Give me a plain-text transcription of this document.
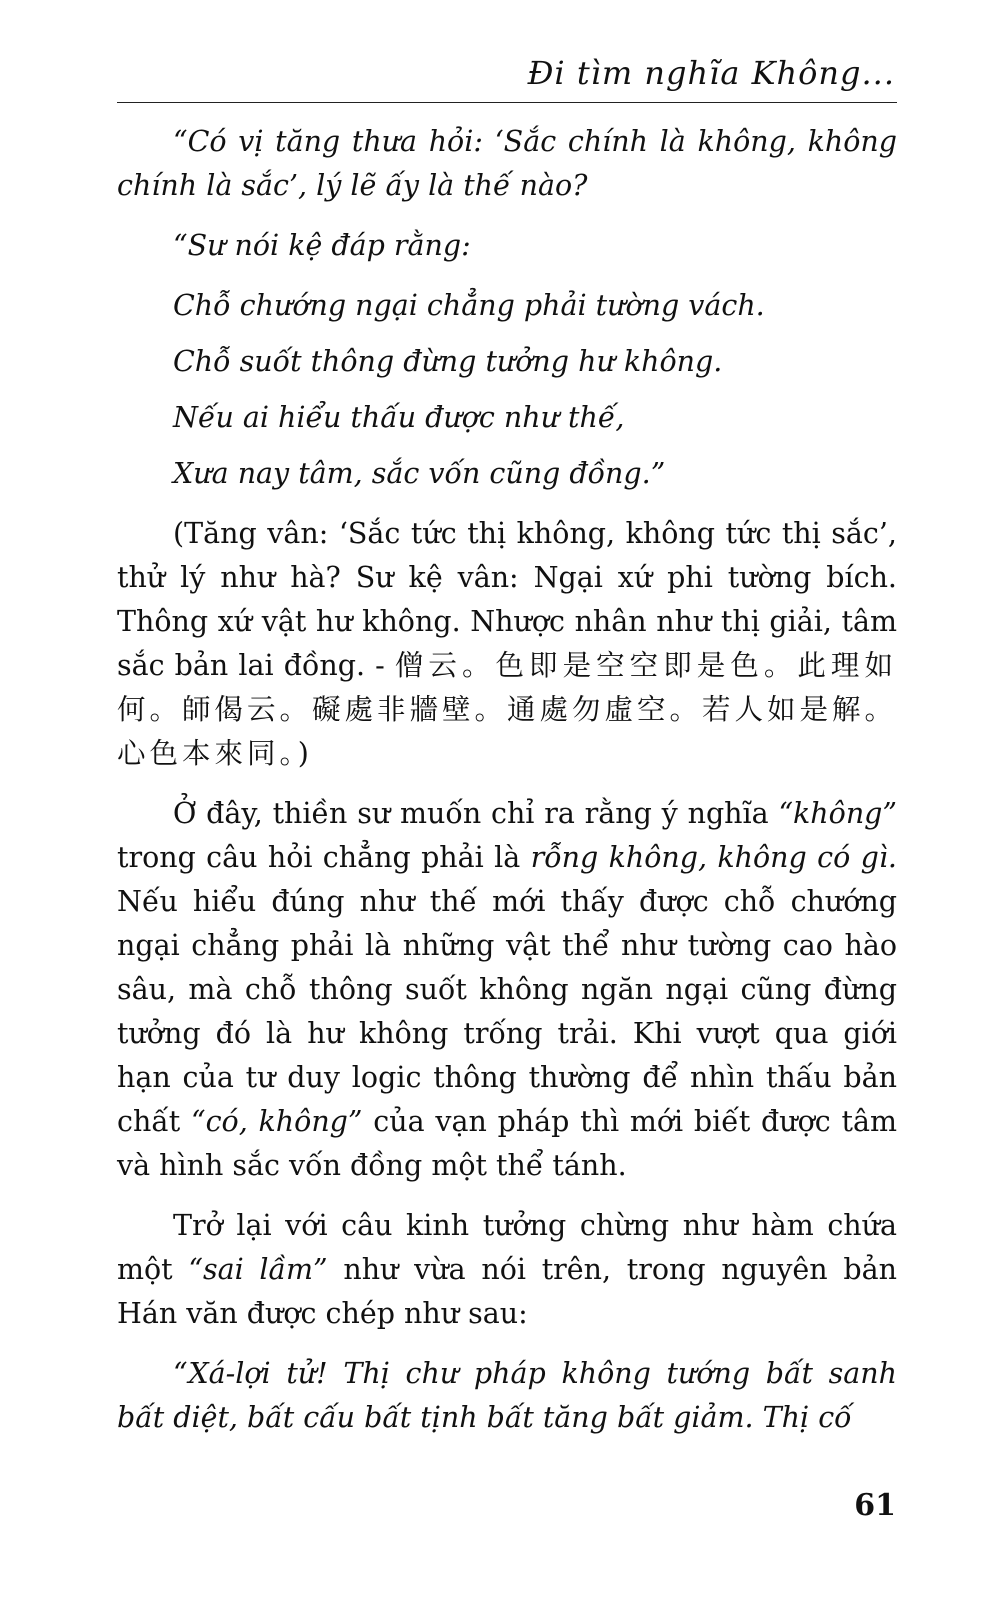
Đi tìm nghĩa Không...

“Có vị tăng thưa hỏi: ‘Sắc chính là không, không chính là sắc’, lý lẽ ấy là thế nào?

“Sư nói kệ đáp rằng:

Chỗ chướng ngại chẳng phải tường vách.

Chỗ suốt thông đừng tưởng hư không.

Nếu ai hiểu thấu được như thế,

Xưa nay tâm, sắc vốn cũng đồng.”

(Tăng vân: ‘Sắc tức thị không, không tức thị sắc’, thử lý như hà? Sư kệ vân: Ngại xứ phi tường bích. Thông xứ vật hư không. Nhược nhân như thị giải, tâm sắc bản lai đồng. - 僧云。色即是空空即是色。此理如何。師偈云。礙處非牆壁。通處勿虛空。若人如是解。心色本來同。)

Ở đây, thiền sư muốn chỉ ra rằng ý nghĩa “không” trong câu hỏi chẳng phải là rỗng không, không có gì. Nếu hiểu đúng như thế mới thấy được chỗ chướng ngại chẳng phải là những vật thể như tường cao hào sâu, mà chỗ thông suốt không ngăn ngại cũng đừng tưởng đó là hư không trống trải. Khi vượt qua giới hạn của tư duy logic thông thường để nhìn thấu bản chất “có, không” của vạn pháp thì mới biết được tâm và hình sắc vốn đồng một thể tánh.

Trở lại với câu kinh tưởng chừng như hàm chứa một “sai lầm” như vừa nói trên, trong nguyên bản Hán văn được chép như sau:

“Xá-lợi tử! Thị chư pháp không tướng bất sanh bất diệt, bất cấu bất tịnh bất tăng bất giảm. Thị cố

61
